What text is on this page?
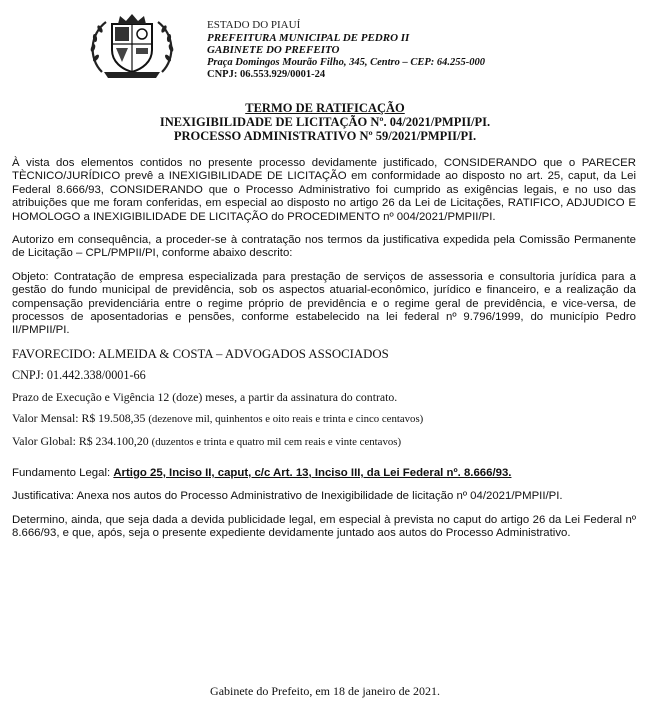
ESTADO DO PIAUÍ
PREFEITURA MUNICIPAL DE PEDRO II
GABINETE DO PREFEITO
Praça Domingos Mourão Filho, 345, Centro – CEP: 64.255-000
CNPJ: 06.553.929/0001-24
TERMO DE RATIFICAÇÃO
INEXIGIBILIDADE DE LICITAÇÃO Nº. 04/2021/PMPII/PI.
PROCESSO ADMINISTRATIVO Nº 59/2021/PMPII/PI.

À vista dos elementos contidos no presente processo devidamente justificado, CONSIDERANDO que o PARECER TÈCNICO/JURÍDICO prevê a INEXIGIBILIDADE DE LICITAÇÃO em conformidade ao disposto no art. 25, caput, da Lei Federal 8.666/93, CONSIDERANDO que o Processo Administrativo foi cumprido as exigências legais, e no uso das atribuições que me foram conferidas, em especial ao disposto no artigo 26 da Lei de Licitações, RATIFICO, ADJUDICO E HOMOLOGO a INEXIGIBILIDADE DE LICITAÇÃO do PROCEDIMENTO nº 004/2021/PMPII/PI.

Autorizo em consequência, a proceder-se à contratação nos termos da justificativa expedida pela Comissão Permanente de Licitação – CPL/PMPII/PI, conforme abaixo descrito:

Objeto: Contratação de empresa especializada para prestação de serviços de assessoria e consultoria jurídica para a gestão do fundo municipal de previdência, sob os aspectos atuarial-econômico, jurídico e financeiro, e a realização da compensação previdenciária entre o regime próprio de previdência e o regime geral de previdência, e vice-versa, de processos de aposentadorias e pensões, conforme estabelecido na lei federal nº 9.796/1999, do município Pedro II/PMPII/PI.

FAVORECIDO: ALMEIDA & COSTA – ADVOGADOS ASSOCIADOS
CNPJ: 01.442.338/0001-66
Prazo de Execução e Vigência 12 (doze) meses, a partir da assinatura do contrato.
Valor Mensal: R$ 19.508,35 (dezenove mil, quinhentos e oito reais e trinta e cinco centavos)
Valor Global: R$ 234.100,20 (duzentos e trinta e quatro mil cem reais e vinte centavos)

Fundamento Legal: Artigo 25, Inciso II, caput, c/c Art. 13, Inciso III, da Lei Federal nº. 8.666/93.

Justificativa: Anexa nos autos do Processo Administrativo de Inexigibilidade de licitação nº 04/2021/PMPII/PI.

Determino, ainda, que seja dada a devida publicidade legal, em especial à prevista no caput do artigo 26 da Lei Federal nº 8.666/93, e que, após, seja o presente expediente devidamente juntado aos autos do Processo Administrativo.

Gabinete do Prefeito, em 18 de janeiro de 2021.
